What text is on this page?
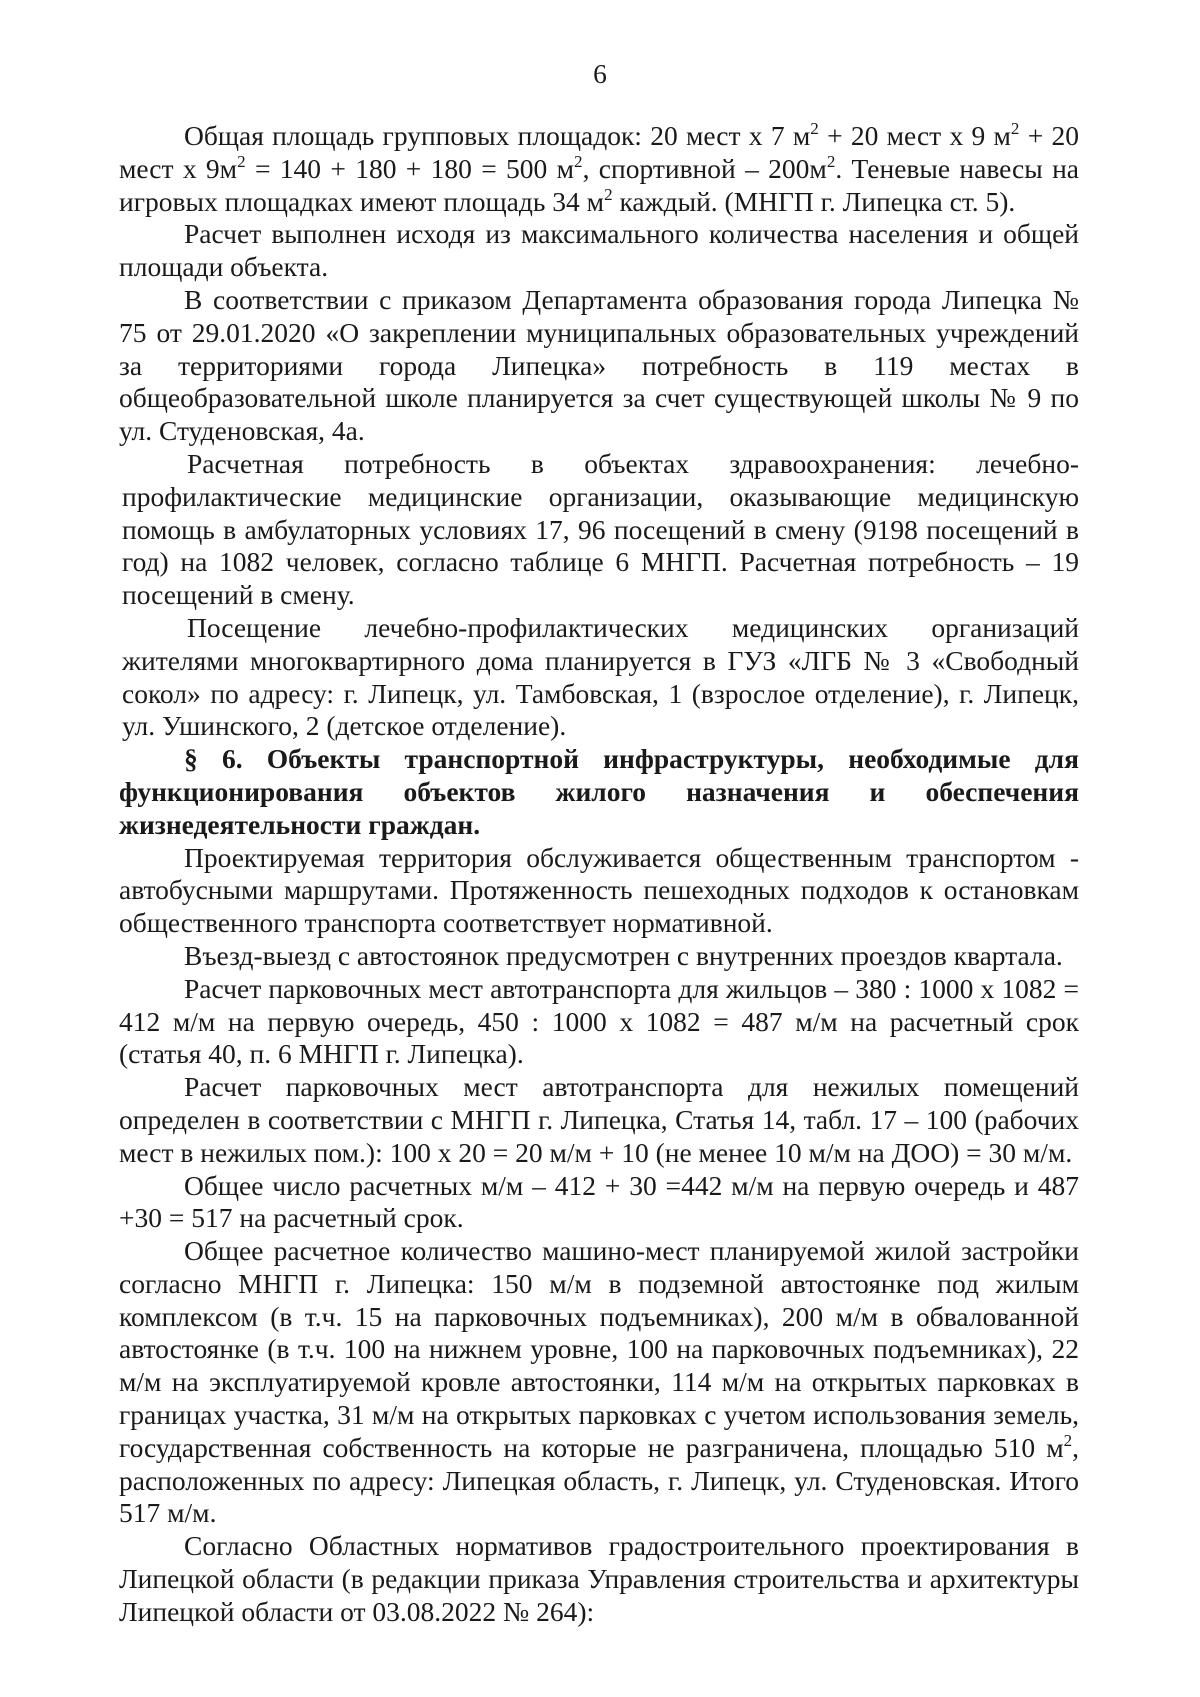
6

Общая площадь групповых площадок: 20 мест х 7 $м^2 + 20$ мест х 9 $м^2 + 20$ мест х $9м^2 = 140 + 180 + 180 = 500$ $м^2$, спортивной – $200м^2$. Теневые навесы на игровых площадках имеют площадь 34 $м^2$ каждый. (МНГП г. Липецка ст. 5).

Расчет выполнен исходя из максимального количества населения и общей площади объекта.

В соответствии с приказом Департамента образования города Липецка № 75 от 29.01.2020 «О закреплении муниципальных образовательных учреждений за территориями города Липецка» потребность в 119 местах в общеобразовательной школе планируется за счет существующей школы № 9 по ул. Студеновская, 4а.

Расчетная потребность в объектах здравоохранения: лечебно-профилактические медицинские организации, оказывающие медицинскую помощь в амбулаторных условиях 17, 96 посещений в смену (9198 посещений в год) на 1082 человек, согласно таблице 6 МНГП. Расчетная потребность – 19 посещений в смену.

Посещение лечебно-профилактических медицинских организаций жителями многоквартирного дома планируется в ГУЗ «ЛГБ № 3 «Свободный сокол» по адресу: г. Липецк, ул. Тамбовская, 1 (взрослое отделение), г. Липецк, ул. Ушинского, 2 (детское отделение).

§ 6. Объекты транспортной инфраструктуры, необходимые для функционирования объектов жилого назначения и обеспечения жизнедеятельности граждан.

Проектируемая территория обслуживается общественным транспортом - автобусными маршрутами. Протяженность пешеходных подходов к остановкам общественного транспорта соответствует нормативной.

Въезд-выезд с автостоянок предусмотрен с внутренних проездов квартала.

Расчет парковочных мест автотранспорта для жильцов – 380 : 1000 х 1082 = 412 м/м на первую очередь, 450 : 1000 х 1082 = 487 м/м на расчетный срок (статья 40, п. 6 МНГП г. Липецка).

Расчет парковочных мест автотранспорта для нежилых помещений определен в соответствии с МНГП г. Липецка, Статья 14, табл. 17 – 100 (рабочих мест в нежилых пом.): 100 х 20 = 20 м/м + 10 (не менее 10 м/м на ДОО) = 30 м/м.

Общее число расчетных м/м – 412 + 30 =442 м/м на первую очередь и 487 +30 = 517 на расчетный срок.

Общее расчетное количество машино-мест планируемой жилой застройки согласно МНГП г. Липецка: 150 м/м в подземной автостоянке под жилым комплексом (в т.ч. 15 на парковочных подъемниках), 200 м/м в обвалованной автостоянке (в т.ч. 100 на нижнем уровне, 100 на парковочных подъемниках), 22 м/м на эксплуатируемой кровле автостоянки, 114 м/м на открытых парковках в границах участка, 31 м/м на открытых парковках с учетом использования земель, государственная собственность на которые не разграничена, площадью 510 $м^2$, расположенных по адресу: Липецкая область, г. Липецк, ул. Студеновская. Итого 517 м/м.

Согласно Областных нормативов градостроительного проектирования в Липецкой области (в редакции приказа Управления строительства и архитектуры Липецкой области от 03.08.2022 № 264):
